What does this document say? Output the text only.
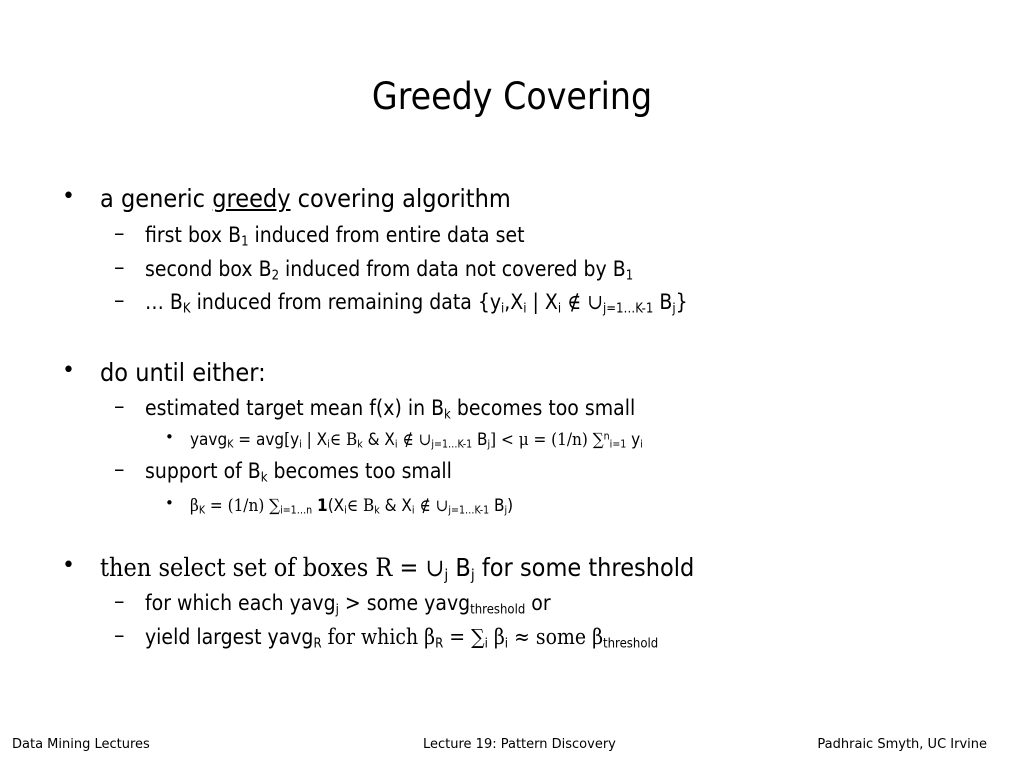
Greedy Covering
• a generic greedy covering algorithm
– first box $B_1$ induced from entire data set
– second box $B_2$ induced from data not covered by $B_1$
– … $B_K$ induced from remaining data {$y_i,X_i$ | $X_i$ ∉ $\cup_{j=1\dots K-1}$ $B_j$}
• do until either:
– estimated target mean f(x) in $B_k$ becomes too small
• yavg$_K$ = $avg[y_i$ | $X_i\in$ $B_k$ & $X_i$ ∉ $\cup_{j=1\dots K-1}$ $B_j] < \mu = (1/n)$ ∑$^n_{i=1}$ $y_i$
– support of $B_k$ becomes too small
• $\beta_K = (1/n)$ $\sum_{i=1\dots n}$ $1(X_i\in$ $B_k$ & $X_i$ ∉ $\cup_{j=1\dots K-1}$ $B_j$)
• then select set of boxes $R = \cup_j$ $B_j$ for some threshold
– for which each yavg$_j$ > some yavg$_{threshold}$ or
– yield largest yavg$_R$ for which $\beta_R = \sum_i$ $\beta_i$ ≈ some $\beta_{threshold}$
Data Mining Lectures	Lecture 19: Pattern Discovery	Padhraic Smyth, UC Irvine
